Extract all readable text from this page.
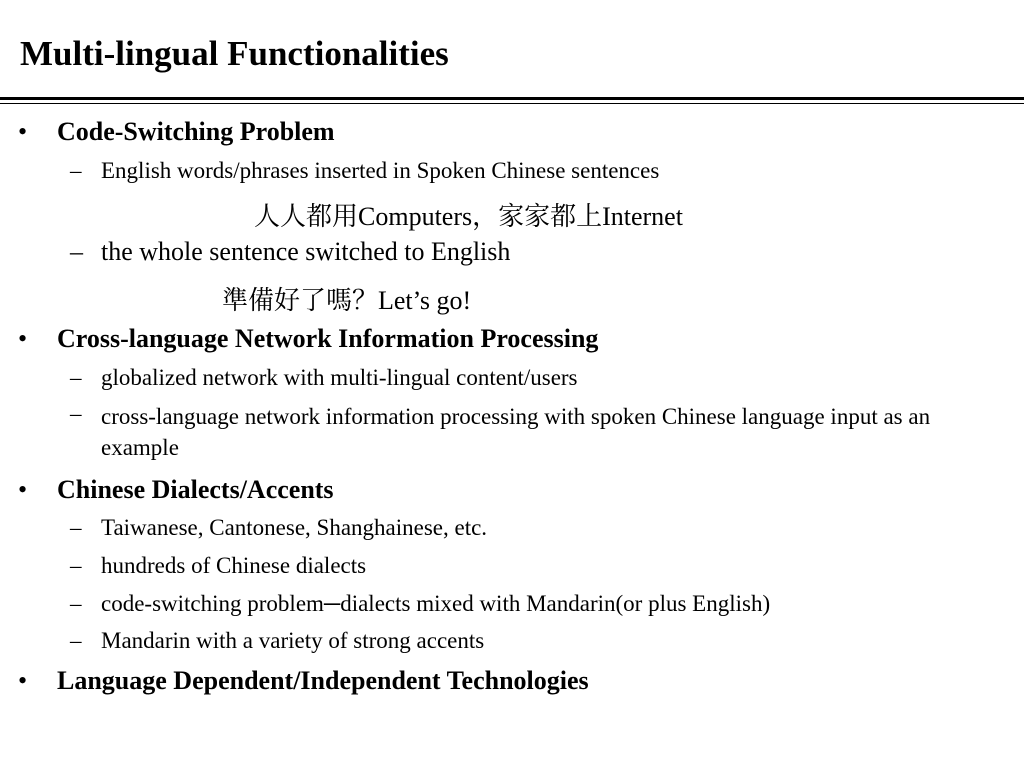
Multi-lingual Functionalities
• Code-Switching Problem
– English words/phrases inserted in Spoken Chinese sentences
人人都用Computers，家家都上Internet
– the whole sentence switched to English
準備好了嗎？Let’s go!
• Cross-language Network Information Processing
– globalized network with multi-lingual content/users
– cross-language network information processing with spoken Chinese language input as an example
• Chinese Dialects/Accents
– Taiwanese, Cantonese, Shanghainese, etc.
– hundreds of Chinese dialects
– code-switching problem─dialects mixed with Mandarin(or plus English)
– Mandarin with a variety of strong accents
• Language Dependent/Independent Technologies
